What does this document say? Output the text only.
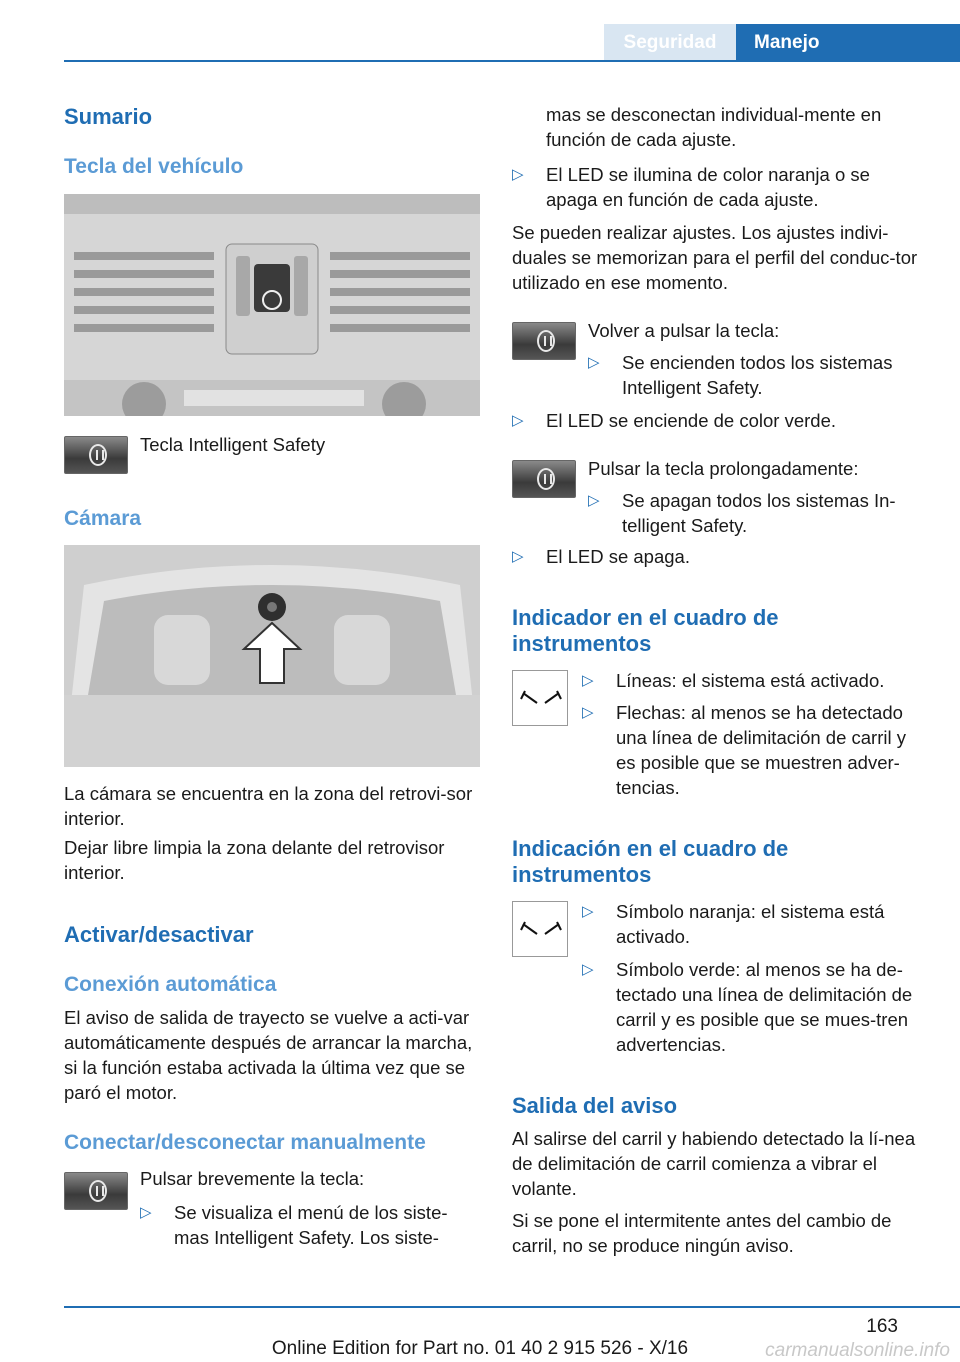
Seguridad	Manejo
Sumario
Tecla del vehículo
Tecla Intelligent Safety
Cámara
La cámara se encuentra en la zona del retrovi-sor interior.
Dejar libre limpia la zona delante del retrovisor interior.
Activar/desactivar
Conexión automática
El aviso de salida de trayecto se vuelve a acti-var automáticamente después de arrancar la marcha, si la función estaba activada la última vez que se paró el motor.
Conectar/desconectar manualmente
Pulsar brevemente la tecla:
▷ Se visualiza el menú de los siste-mas Intelligent Safety. Los siste-
mas se desconectan individual-mente en función de cada ajuste.
▷ El LED se ilumina de color naranja o se apaga en función de cada ajuste.
Se pueden realizar ajustes. Los ajustes indivi-duales se memorizan para el perfil del conduc-tor utilizado en ese momento.
Volver a pulsar la tecla:
▷ Se encienden todos los sistemas Intelligent Safety.
▷ El LED se enciende de color verde.
Pulsar la tecla prolongadamente:
▷ Se apagan todos los sistemas In-telligent Safety.
▷ El LED se apaga.
Indicador en el cuadro de instrumentos
▷ Líneas: el sistema está activado.
▷ Flechas: al menos se ha detectado una línea de delimitación de carril y es posible que se muestren adver-tencias.
Indicación en el cuadro de instrumentos
▷ Símbolo naranja: el sistema está activado.
▷ Símbolo verde: al menos se ha de-tectado una línea de delimitación de carril y es posible que se mues-tren advertencias.
Salida del aviso
Al salirse del carril y habiendo detectado la lí-nea de delimitación de carril comienza a vibrar el volante.
Si se pone el intermitente antes del cambio de carril, no se produce ningún aviso.
163
Online Edition for Part no. 01 40 2 915 526 - X/16	carmanualsonline.info
